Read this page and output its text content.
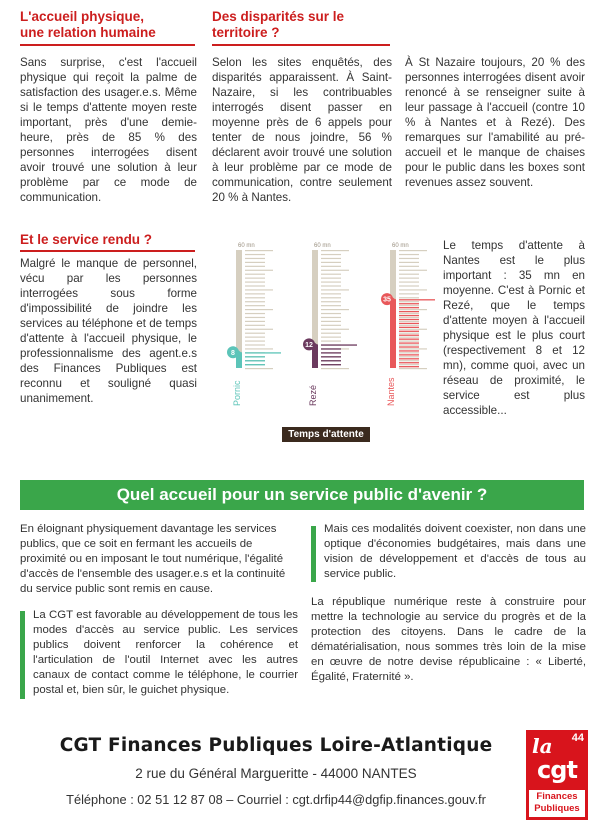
L'accueil physique,
une relation humaine
Sans surprise, c'est l'accueil physique qui reçoit la palme de satisfaction des usager.e.s. Même si le temps d'attente moyen reste important, près d'une demie-heure, près de 85 % des personnes interrogées disent avoir trouvé une solution à leur problème par ce mode de communication.
Et le service rendu ?
Malgré le manque de personnel, vécu par les personnes interrogées sous forme d'impossibilité de joindre les services au téléphone et de temps d'attente à l'accueil physique, le professionnalisme des agent.e.s des Finances Publiques est reconnu et souligné quasi unanimement.
Des disparités sur le
territoire ?
Selon les sites enquêtés, des disparités apparaissent. À Saint-Nazaire, si les contribuables interrogés disent passer en moyenne près de 6 appels pour tenter de nous joindre, 56 % déclarent avoir trouvé une solution à leur problème par ce mode de communication, contre seulement 20 % à Nantes.
À St Nazaire toujours, 20 % des personnes interrogées disent avoir renoncé à se renseigner suite à leur passage à l'accueil (contre 10 % à Nantes et à Rezé). Des remarques sur l'amabilité au pré-accueil et le manque de chaises pour le public dans les boxes sont revenues assez souvent.
Le temps d'attente à Nantes est le plus important : 35 mn en moyenne. C'est à Pornic et Rezé, que le temps d'attente moyen à l'accueil physique est le plus court (respectivement 8 et 12 mn), comme quoi, avec un réseau de proximité, le service est plus accessible...
60 mn
8
Pornic
60 mn
12
Rezé
60 mn
35
Nantes
Temps d'attente
Quel accueil pour un service public d'avenir ?
En éloignant physiquement davantage les services publics, que ce soit en fermant les accueils de proximité ou en imposant le tout numérique, l'égalité d'accès de l'ensemble des usager.e.s et la continuité du service public sont remis en cause.
La CGT est favorable au développement de tous les modes d'accès au service public. Les services publics doivent renforcer la cohérence et l'articulation de l'outil Internet avec les autres canaux de contact comme le téléphone, le courrier postal et, bien sûr, le guichet physique.
Mais ces modalités doivent coexister, non dans une optique d'économies budgétaires, mais dans une vision de développement et d'accès de tous au service public.
La république numérique reste à construire pour mettre la technologie au service du progrès et de la protection des citoyens. Dans le cadre de la dématérialisation, nous sommes très loin de la mise en œuvre de notre devise républicaine : « Liberté, Égalité, Fraternité ».
CGT Finances Publiques Loire-Atlantique
2 rue du Général Margueritte - 44000 NANTES
Téléphone : 02 51 12 87 08 – Courriel : cgt.drfip44@dgfip.finances.gouv.fr
44
la
cgt
Finances
Publiques
